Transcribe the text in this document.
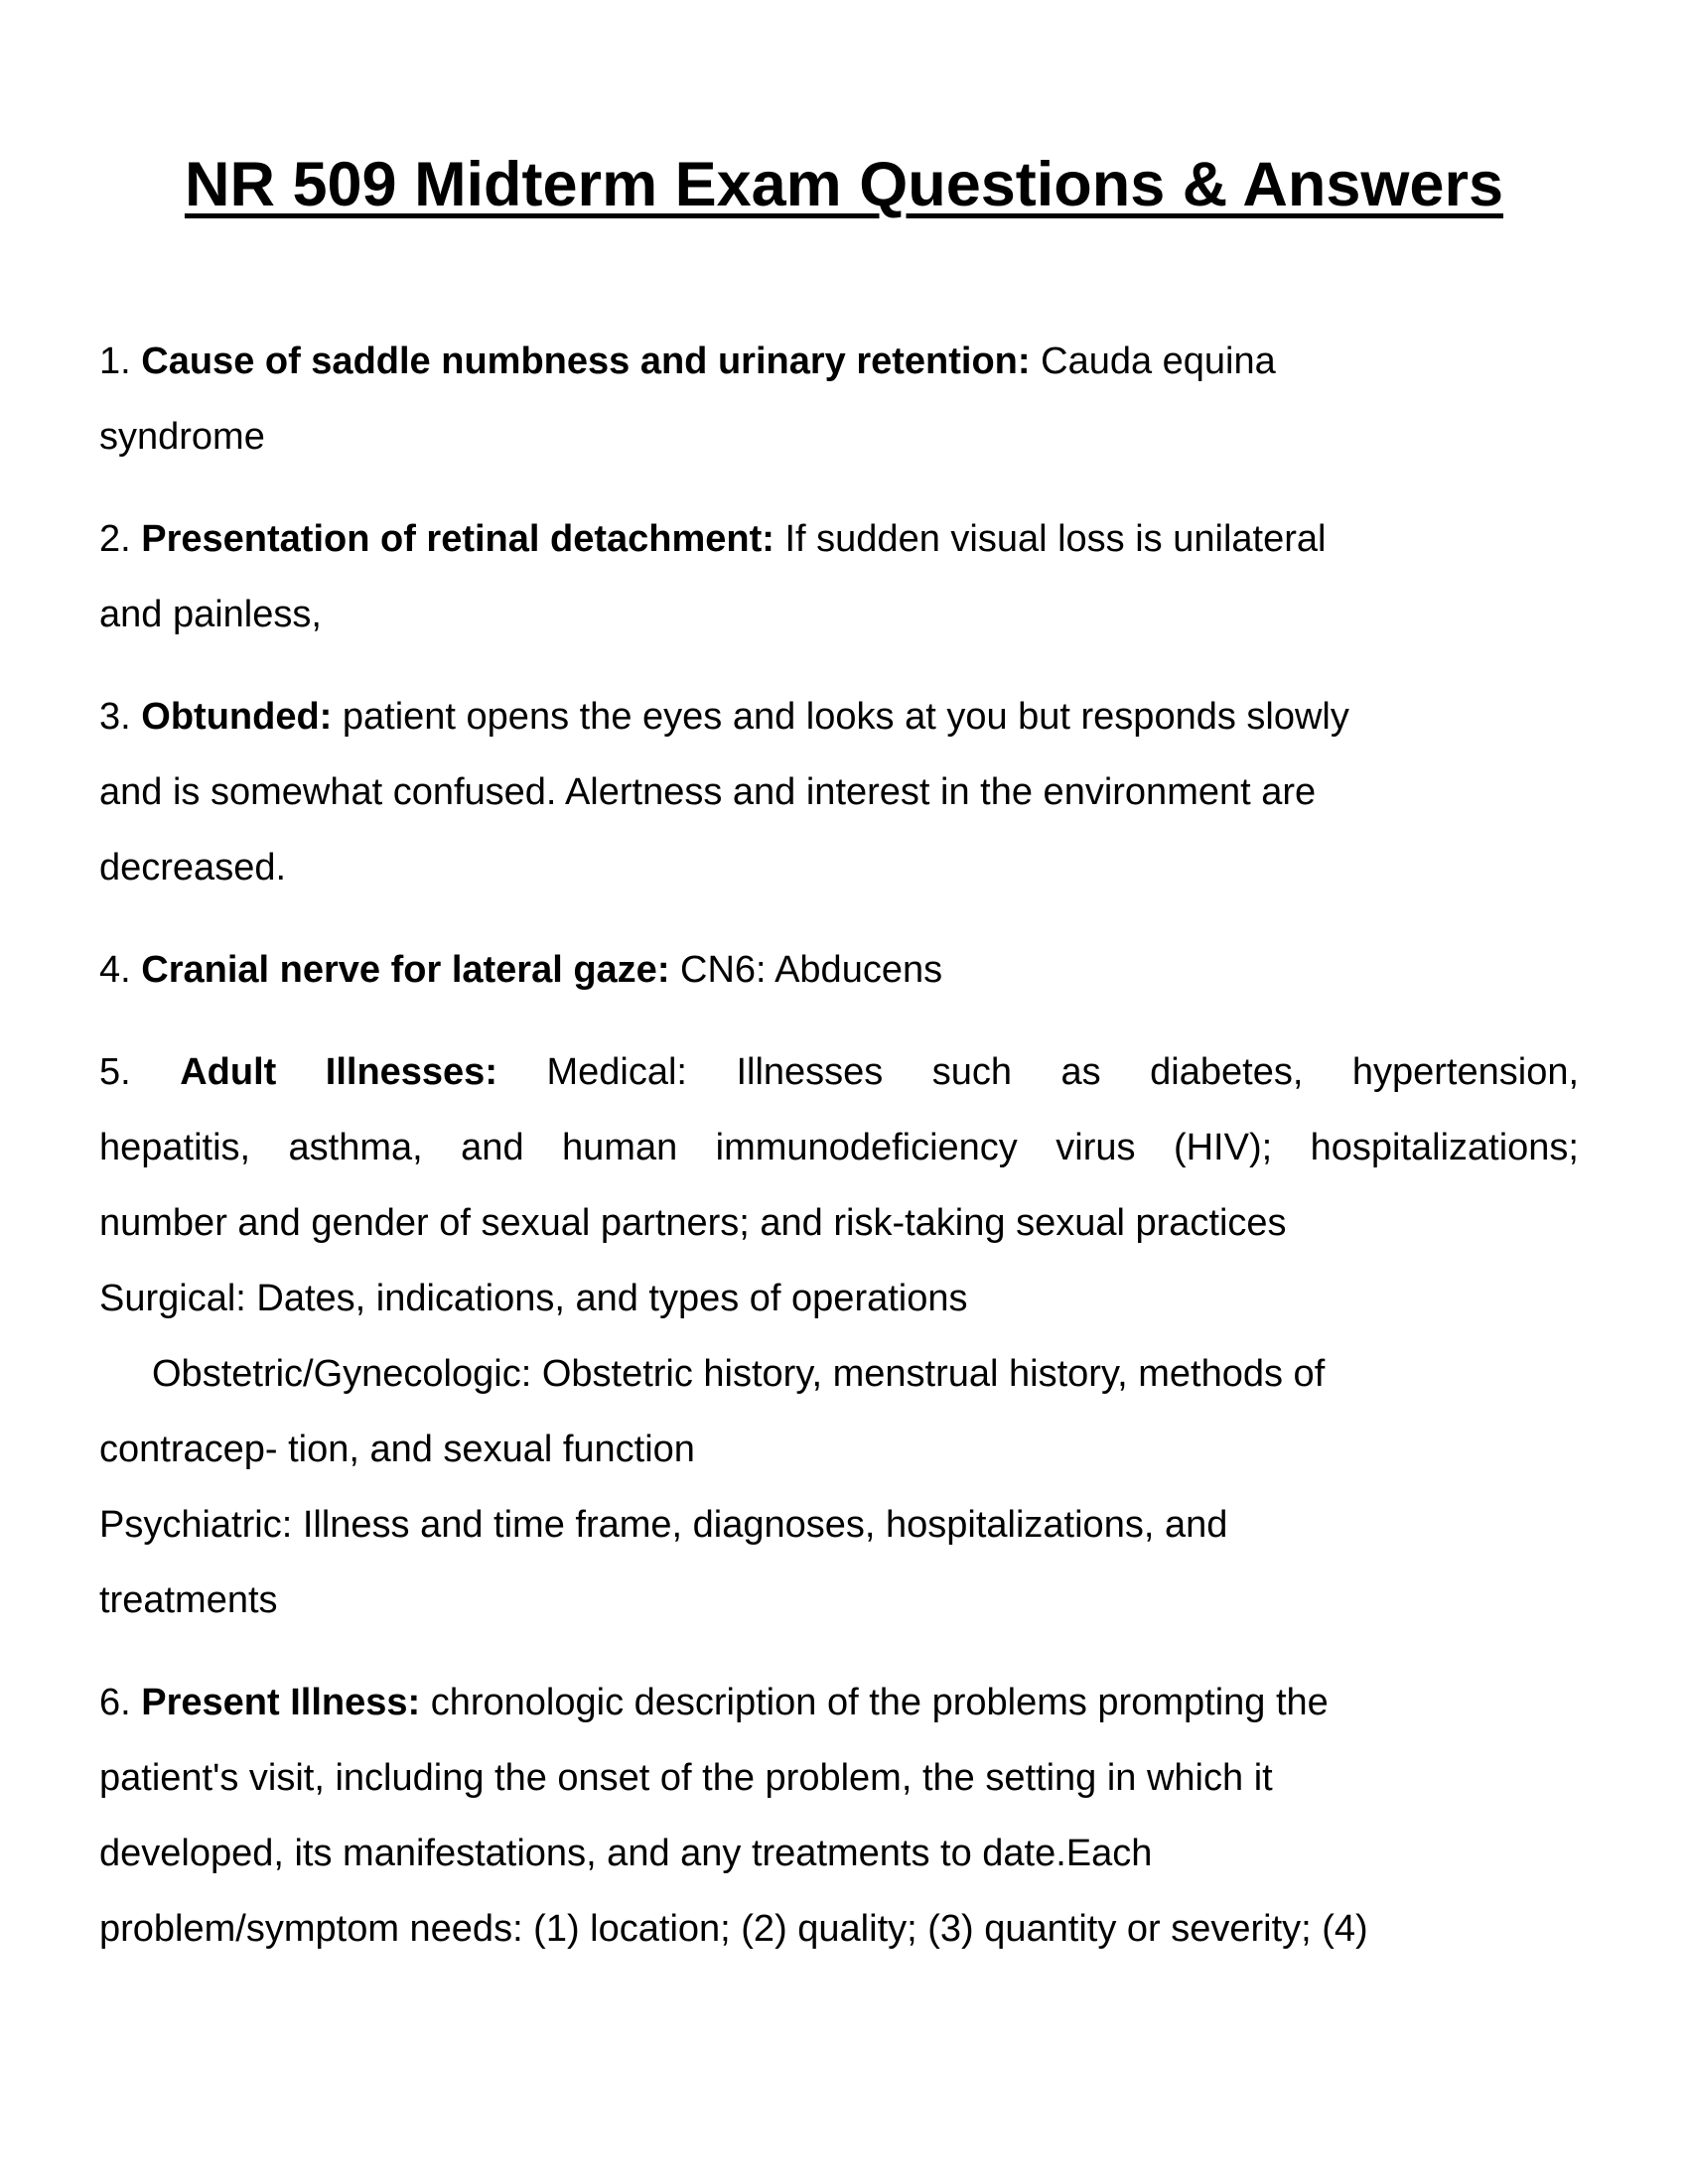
NR 509 Midterm Exam Questions & Answers
1. Cause of saddle numbness and urinary retention: Cauda equina
syndrome
2. Presentation of retinal detachment: If sudden visual loss is unilateral
and painless,
3. Obtunded: patient opens the eyes and looks at you but responds slowly
and is somewhat confused. Alertness and interest in the environment are
decreased.
4. Cranial nerve for lateral gaze: CN6: Abducens
5. Adult Illnesses: Medical: Illnesses such as diabetes, hypertension,
hepatitis, asthma, and human immunodeficiency virus (HIV); hospitalizations;
number and gender of sexual partners; and risk-taking sexual practices
Surgical: Dates, indications, and types of operations
Obstetric/Gynecologic: Obstetric history, menstrual history, methods of
contracep- tion, and sexual function
Psychiatric: Illness and time frame, diagnoses, hospitalizations, and
treatments
6. Present Illness: chronologic description of the problems prompting the
patient's visit, including the onset of the problem, the setting in which it
developed, its manifestations, and any treatments to date.Each
problem/symptom needs: (1) location; (2) quality; (3) quantity or severity; (4)
